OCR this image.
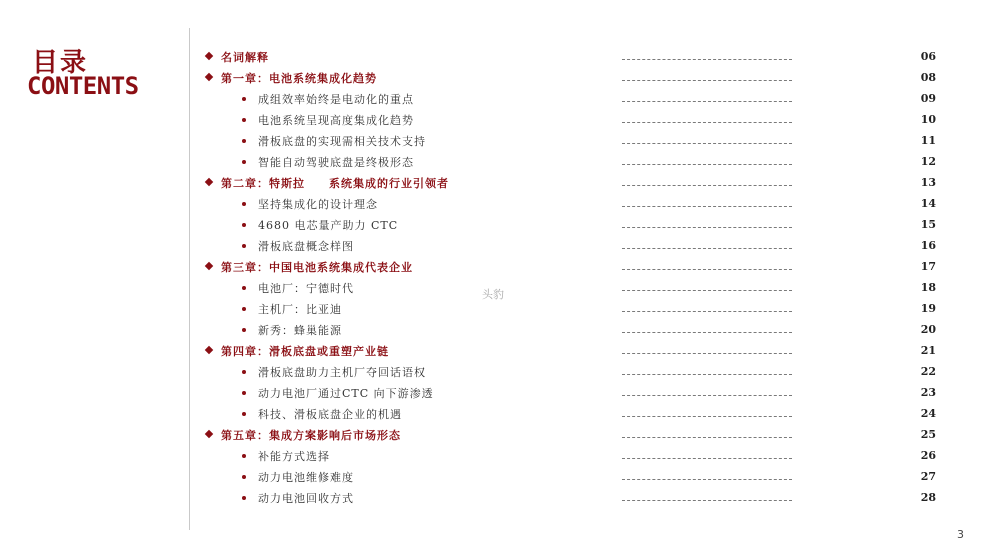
目录
CONTENTS
名词解释	06
第一章：电池系统集成化趋势	08
成组效率始终是电动化的重点	09
电池系统呈现高度集成化趋势	10
滑板底盘的实现需相关技术支持	11
智能自动驾驶底盘是终极形态	12
第二章：特斯拉　　系统集成的行业引领者	13
坚持集成化的设计理念	14
4680 电芯量产助力 CTC	15
滑板底盘概念样图	16
第三章：中国电池系统集成代表企业	17
电池厂：宁德时代	18
主机厂：比亚迪	19
新秀：蜂巢能源	20
第四章：滑板底盘或重塑产业链	21
滑板底盘助力主机厂夺回话语权	22
动力电池厂通过CTC 向下游渗透	23
科技、滑板底盘企业的机遇	24
第五章：集成方案影响后市场形态	25
补能方式选择	26
动力电池维修难度	27
动力电池回收方式	28
头豹
3
